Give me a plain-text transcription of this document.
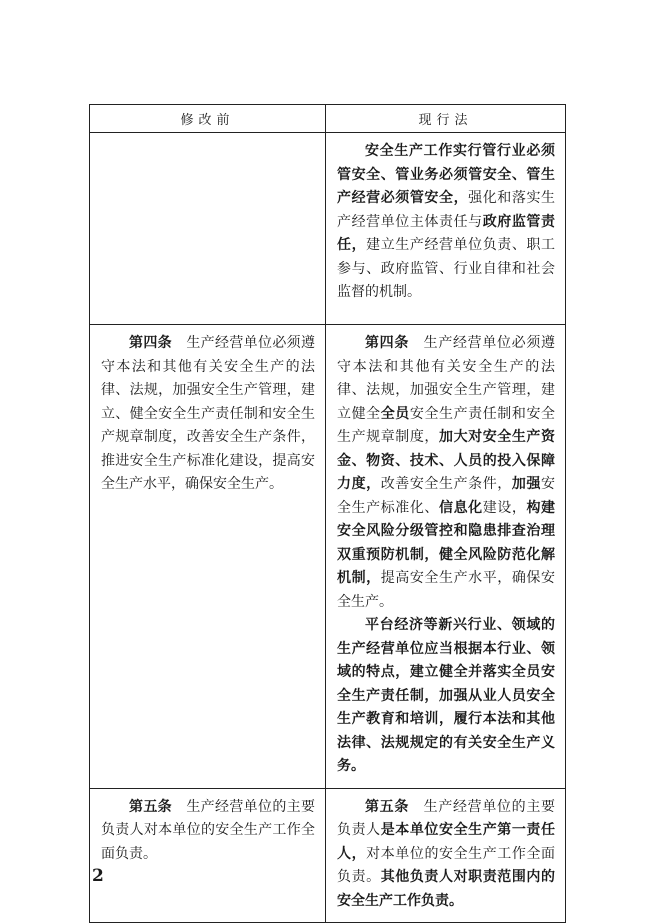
修改前	现行法

	安全生产工作实行管行业必须管安全、管业务必须管安全、管生产经营必须管安全，强化和落实生产经营单位主体责任与政府监管责任，建立生产经营单位负责、职工参与、政府监管、行业自律和社会监督的机制。

第四条　生产经营单位必须遵守本法和其他有关安全生产的法律、法规，加强安全生产管理，建立、健全安全生产责任制和安全生产规章制度，改善安全生产条件，推进安全生产标准化建设，提高安全生产水平，确保安全生产。	第四条　生产经营单位必须遵守本法和其他有关安全生产的法律、法规，加强安全生产管理，建立健全全员安全生产责任制和安全生产规章制度，加大对安全生产资金、物资、技术、人员的投入保障力度，改善安全生产条件，加强安全生产标准化、信息化建设，构建安全风险分级管控和隐患排查治理双重预防机制，健全风险防范化解机制，提高安全生产水平，确保安全生产。

平台经济等新兴行业、领域的生产经营单位应当根据本行业、领域的特点，建立健全并落实全员安全生产责任制，加强从业人员安全生产教育和培训，履行本法和其他法律、法规规定的有关安全生产义务。

第五条　生产经营单位的主要负责人对本单位的安全生产工作全面负责。	第五条　生产经营单位的主要负责人是本单位安全生产第一责任人，对本单位的安全生产工作全面负责。其他负责人对职责范围内的安全生产工作负责。

2
